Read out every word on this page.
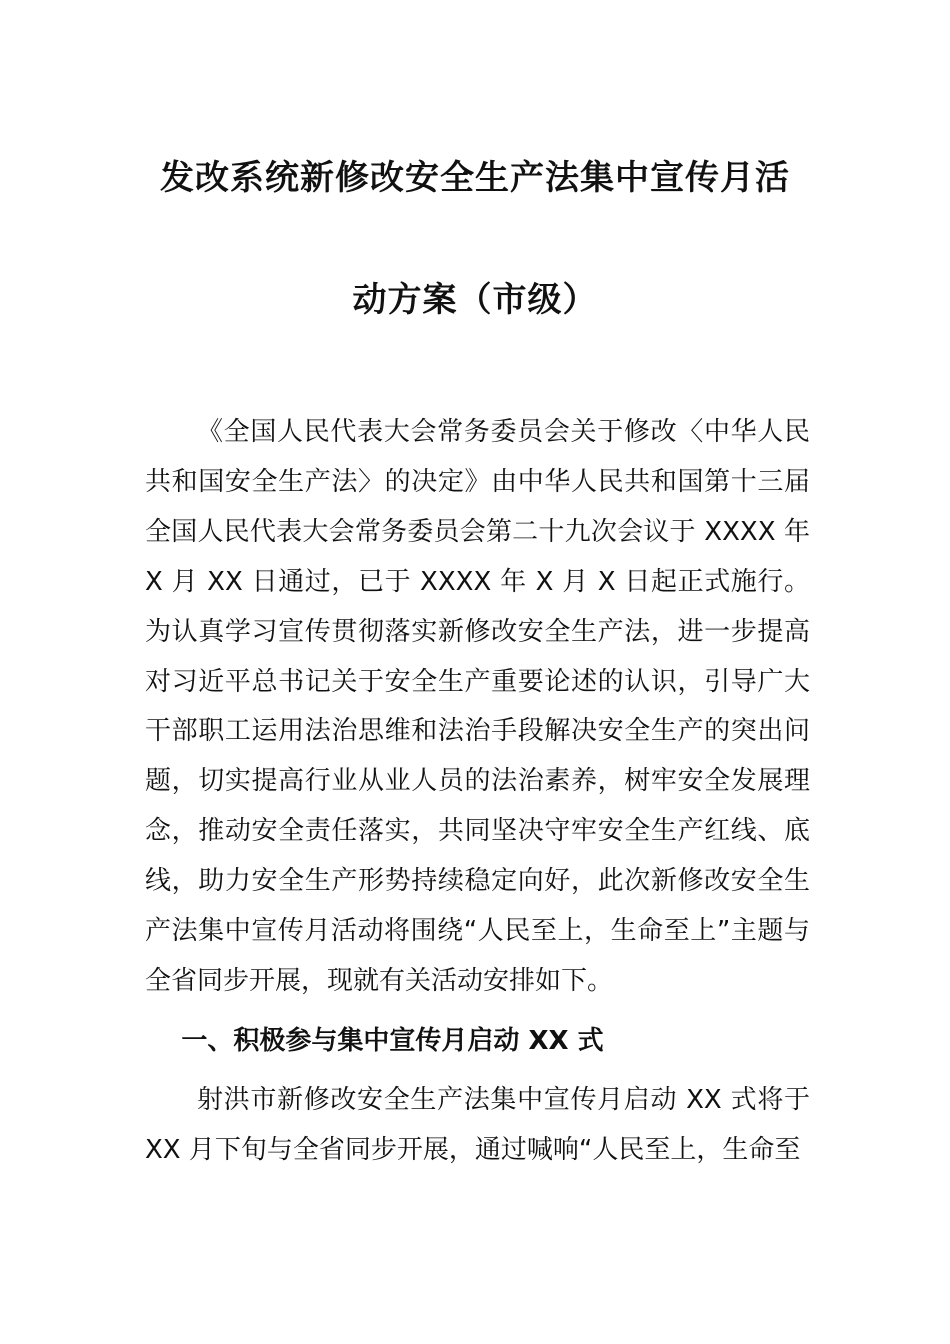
发改系统新修改安全生产法集中宣传月活
动方案（市级）

《全国人民代表大会常务委员会关于修改〈中华人民共和国安全生产法〉的决定》由中华人民共和国第十三届全国人民代表大会常务委员会第二十九次会议于 XXXX 年 X 月 XX 日通过，已于 XXXX 年 X 月 X 日起正式施行。为认真学习宣传贯彻落实新修改安全生产法，进一步提高对习近平总书记关于安全生产重要论述的认识，引导广大干部职工运用法治思维和法治手段解决安全生产的突出问题，切实提高行业从业人员的法治素养，树牢安全发展理念，推动安全责任落实，共同坚决守牢安全生产红线、底线，助力安全生产形势持续稳定向好，此次新修改安全生产法集中宣传月活动将围绕“人民至上，生命至上”主题与全省同步开展，现就有关活动安排如下。

一、积极参与集中宣传月启动 XX 式

射洪市新修改安全生产法集中宣传月启动 XX 式将于 XX 月下旬与全省同步开展，通过喊响“人民至上，生命至
